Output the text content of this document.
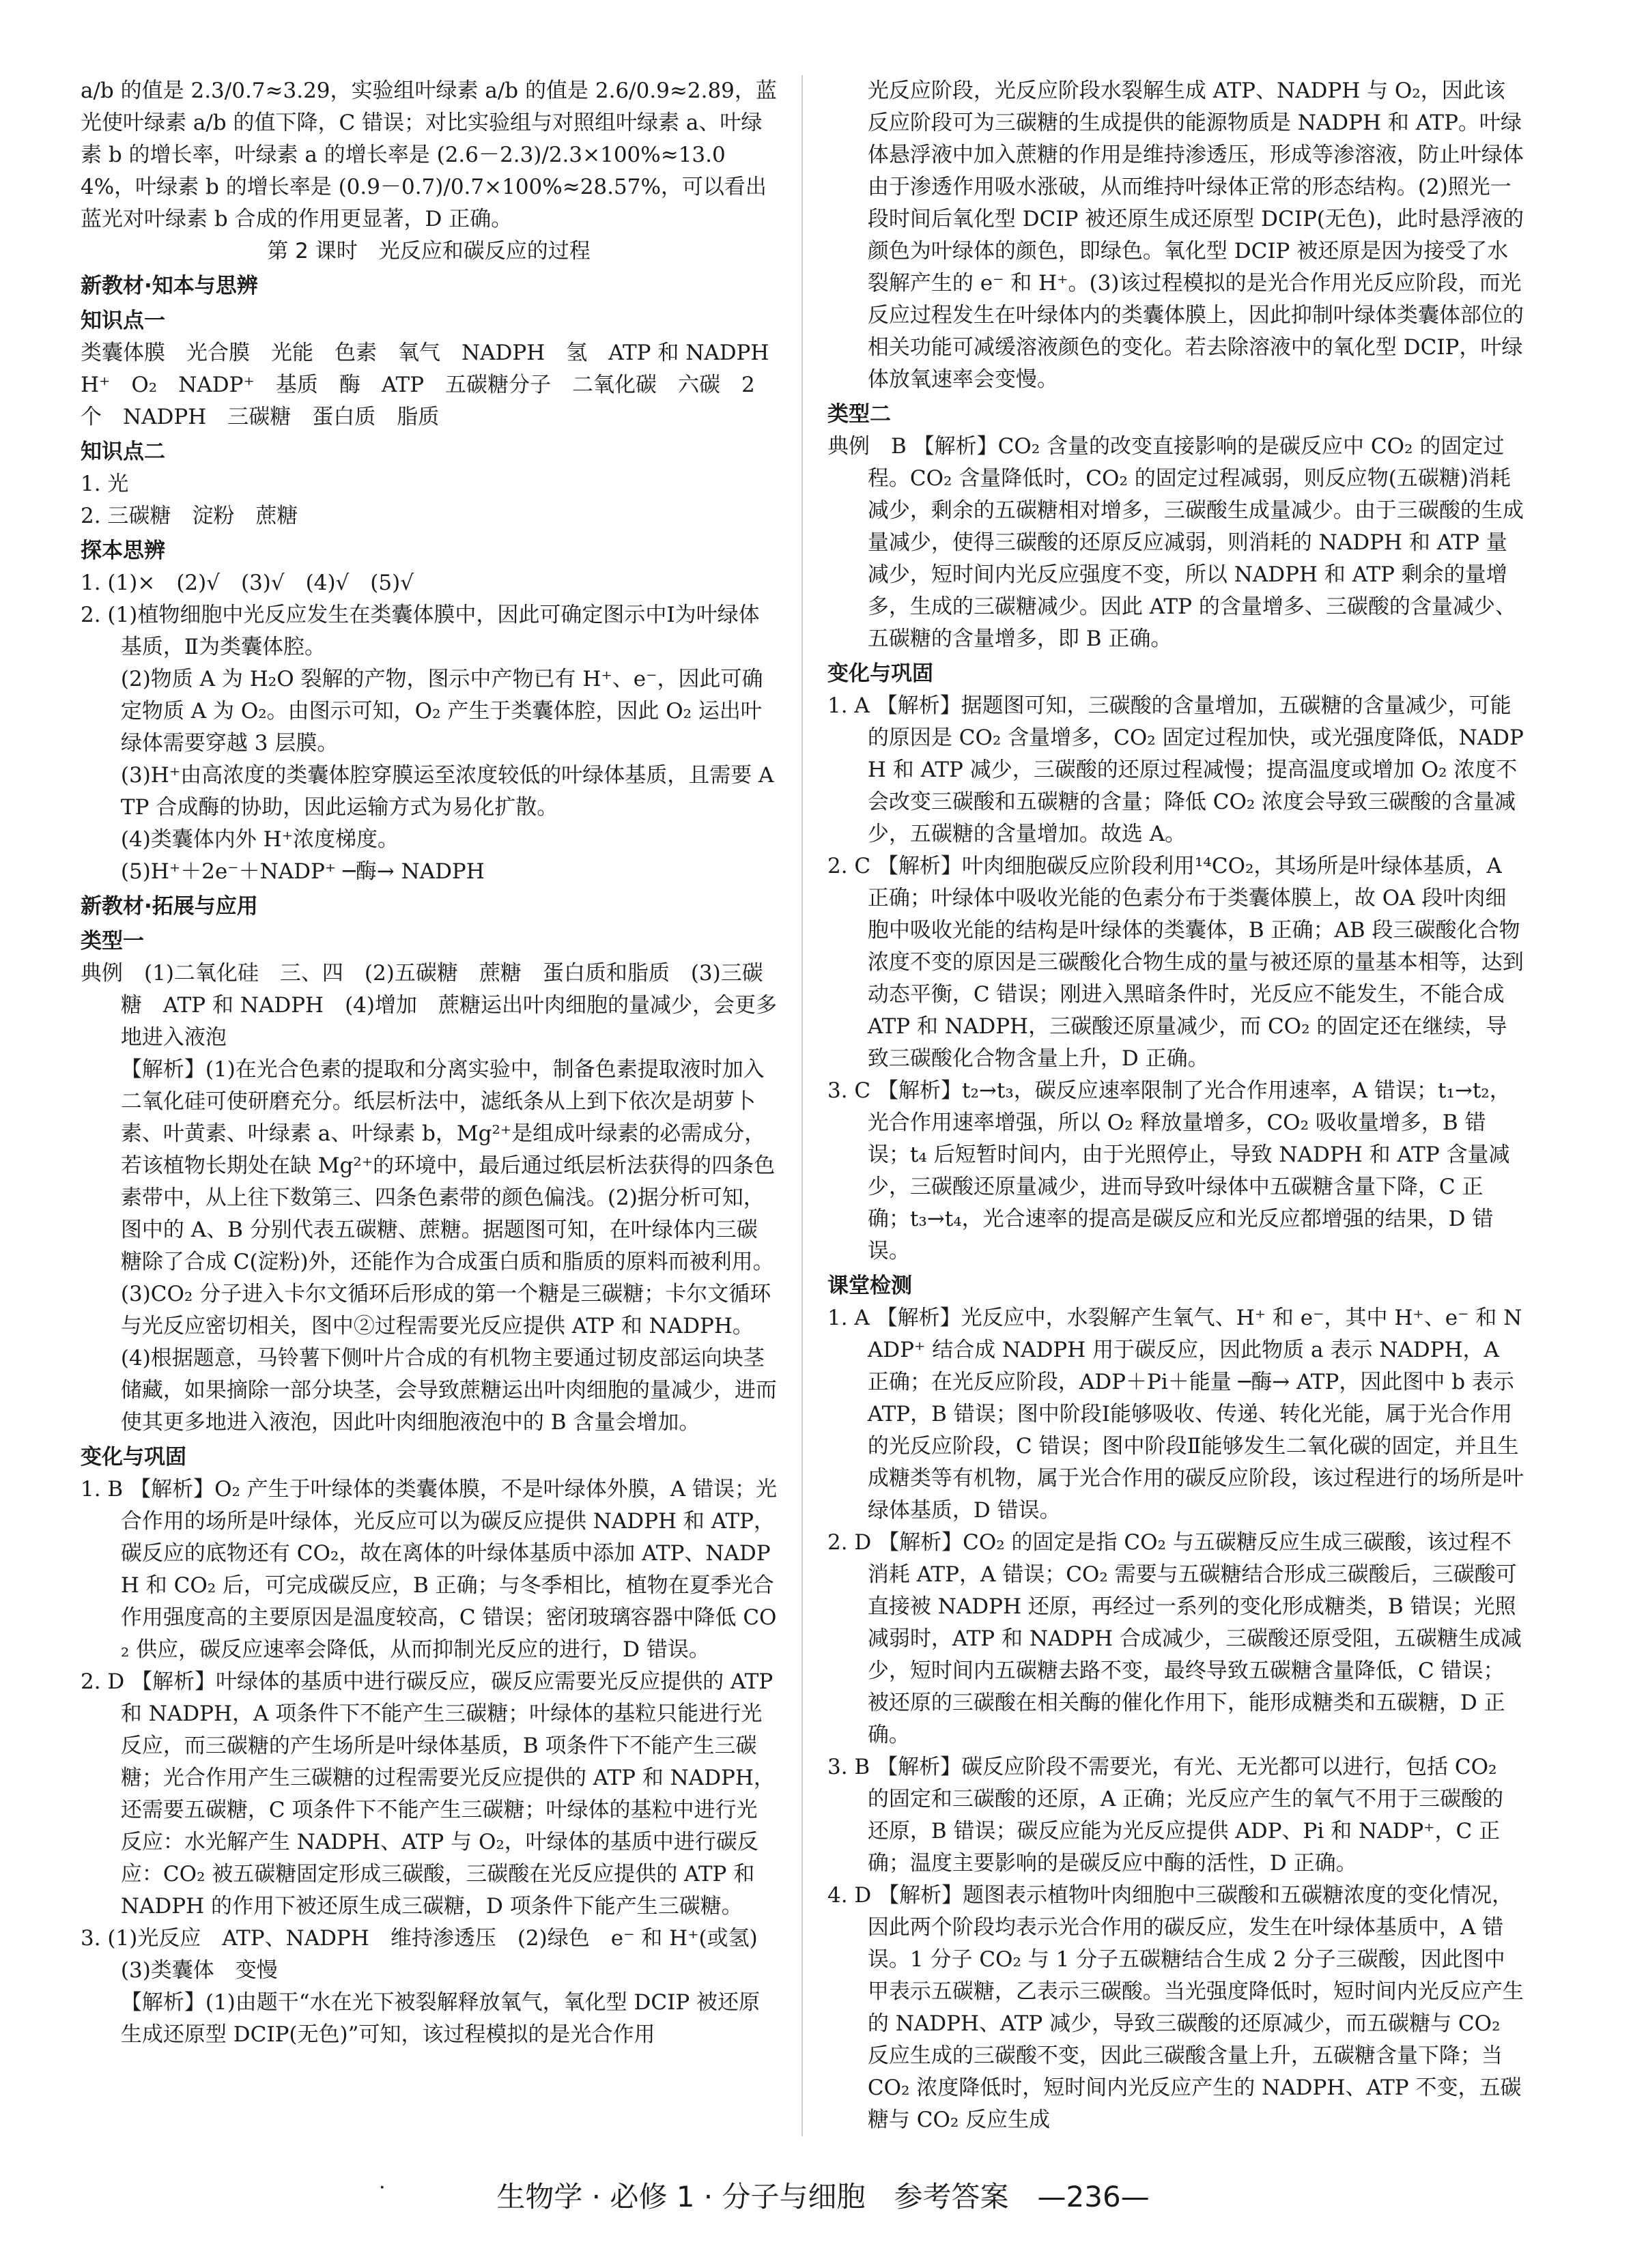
a/b 的值是 2.3/0.7≈3.29，实验组叶绿素 a/b 的值是 2.6/0.9≈2.89，蓝光使叶绿素 a/b 的值下降，C 错误；对比实验组与对照组叶绿素 a、叶绿素 b 的增长率，叶绿素 a 的增长率是 (2.6－2.3)/2.3×100%≈13.04%，叶绿素 b 的增长率是 (0.9－0.7)/0.7×100%≈28.57%，可以看出蓝光对叶绿素 b 合成的作用更显著，D 正确。
第 2 课时　光反应和碳反应的过程
新教材·知本与思辨
知识点一
类囊体膜　光合膜　光能　色素　氧气　NADPH　氢　ATP 和 NADPH　H⁺　O₂　NADP⁺　基质　酶　ATP　五碳糖分子　二氧化碳　六碳　2 个　NADPH　三碳糖　蛋白质　脂质
知识点二
1. 光
2. 三碳糖　淀粉　蔗糖
探本思辨
1. (1)×　(2)√　(3)√　(4)√　(5)√
2. (1)植物细胞中光反应发生在类囊体膜中，因此可确定图示中Ⅰ为叶绿体基质，Ⅱ为类囊体腔。
(2)物质 A 为 H₂O 裂解的产物，图示中产物已有 H⁺、e⁻，因此可确定物质 A 为 O₂。由图示可知，O₂ 产生于类囊体腔，因此 O₂ 运出叶绿体需要穿越 3 层膜。
(3)H⁺由高浓度的类囊体腔穿膜运至浓度较低的叶绿体基质，且需要 ATP 合成酶的协助，因此运输方式为易化扩散。
(4)类囊体内外 H⁺浓度梯度。
(5)H⁺＋2e⁻＋NADP⁺ ─酶→ NADPH
新教材·拓展与应用
类型一
典例　(1)二氧化硅　三、四　(2)五碳糖　蔗糖　蛋白质和脂质　(3)三碳糖　ATP 和 NADPH　(4)增加　蔗糖运出叶肉细胞的量减少，会更多地进入液泡
【解析】(1)在光合色素的提取和分离实验中，制备色素提取液时加入二氧化硅可使研磨充分。纸层析法中，滤纸条从上到下依次是胡萝卜素、叶黄素、叶绿素 a、叶绿素 b，Mg²⁺是组成叶绿素的必需成分，若该植物长期处在缺 Mg²⁺的环境中，最后通过纸层析法获得的四条色素带中，从上往下数第三、四条色素带的颜色偏浅。(2)据分析可知，图中的 A、B 分别代表五碳糖、蔗糖。据题图可知，在叶绿体内三碳糖除了合成 C(淀粉)外，还能作为合成蛋白质和脂质的原料而被利用。(3)CO₂ 分子进入卡尔文循环后形成的第一个糖是三碳糖；卡尔文循环与光反应密切相关，图中②过程需要光反应提供 ATP 和 NADPH。(4)根据题意，马铃薯下侧叶片合成的有机物主要通过韧皮部运向块茎储藏，如果摘除一部分块茎，会导致蔗糖运出叶肉细胞的量减少，进而使其更多地进入液泡，因此叶肉细胞液泡中的 B 含量会增加。
变化与巩固
1. B 【解析】O₂ 产生于叶绿体的类囊体膜，不是叶绿体外膜，A 错误；光合作用的场所是叶绿体，光反应可以为碳反应提供 NADPH 和 ATP，碳反应的底物还有 CO₂，故在离体的叶绿体基质中添加 ATP、NADPH 和 CO₂ 后，可完成碳反应，B 正确；与冬季相比，植物在夏季光合作用强度高的主要原因是温度较高，C 错误；密闭玻璃容器中降低 CO₂ 供应，碳反应速率会降低，从而抑制光反应的进行，D 错误。
2. D 【解析】叶绿体的基质中进行碳反应，碳反应需要光反应提供的 ATP 和 NADPH，A 项条件下不能产生三碳糖；叶绿体的基粒只能进行光反应，而三碳糖的产生场所是叶绿体基质，B 项条件下不能产生三碳糖；光合作用产生三碳糖的过程需要光反应提供的 ATP 和 NADPH，还需要五碳糖，C 项条件下不能产生三碳糖；叶绿体的基粒中进行光反应：水光解产生 NADPH、ATP 与 O₂，叶绿体的基质中进行碳反应：CO₂ 被五碳糖固定形成三碳酸，三碳酸在光反应提供的 ATP 和 NADPH 的作用下被还原生成三碳糖，D 项条件下能产生三碳糖。
3. (1)光反应　ATP、NADPH　维持渗透压　(2)绿色　e⁻ 和 H⁺(或氢)　(3)类囊体　变慢
【解析】(1)由题干“水在光下被裂解释放氧气，氧化型 DCIP 被还原生成还原型 DCIP(无色)”可知，该过程模拟的是光合作用
光反应阶段，光反应阶段水裂解生成 ATP、NADPH 与 O₂，因此该反应阶段可为三碳糖的生成提供的能源物质是 NADPH 和 ATP。叶绿体悬浮液中加入蔗糖的作用是维持渗透压，形成等渗溶液，防止叶绿体由于渗透作用吸水涨破，从而维持叶绿体正常的形态结构。(2)照光一段时间后氧化型 DCIP 被还原生成还原型 DCIP(无色)，此时悬浮液的颜色为叶绿体的颜色，即绿色。氧化型 DCIP 被还原是因为接受了水裂解产生的 e⁻ 和 H⁺。(3)该过程模拟的是光合作用光反应阶段，而光反应过程发生在叶绿体内的类囊体膜上，因此抑制叶绿体类囊体部位的相关功能可减缓溶液颜色的变化。若去除溶液中的氧化型 DCIP，叶绿体放氧速率会变慢。
类型二
典例　B 【解析】CO₂ 含量的改变直接影响的是碳反应中 CO₂ 的固定过程。CO₂ 含量降低时，CO₂ 的固定过程减弱，则反应物(五碳糖)消耗减少，剩余的五碳糖相对增多，三碳酸生成量减少。由于三碳酸的生成量减少，使得三碳酸的还原反应减弱，则消耗的 NADPH 和 ATP 量减少，短时间内光反应强度不变，所以 NADPH 和 ATP 剩余的量增多，生成的三碳糖减少。因此 ATP 的含量增多、三碳酸的含量减少、五碳糖的含量增多，即 B 正确。
变化与巩固
1. A 【解析】据题图可知，三碳酸的含量增加，五碳糖的含量减少，可能的原因是 CO₂ 含量增多，CO₂ 固定过程加快，或光强度降低，NADPH 和 ATP 减少，三碳酸的还原过程减慢；提高温度或增加 O₂ 浓度不会改变三碳酸和五碳糖的含量；降低 CO₂ 浓度会导致三碳酸的含量减少，五碳糖的含量增加。故选 A。
2. C 【解析】叶肉细胞碳反应阶段利用¹⁴CO₂，其场所是叶绿体基质，A 正确；叶绿体中吸收光能的色素分布于类囊体膜上，故 OA 段叶肉细胞中吸收光能的结构是叶绿体的类囊体，B 正确；AB 段三碳酸化合物浓度不变的原因是三碳酸化合物生成的量与被还原的量基本相等，达到动态平衡，C 错误；刚进入黑暗条件时，光反应不能发生，不能合成 ATP 和 NADPH，三碳酸还原量减少，而 CO₂ 的固定还在继续，导致三碳酸化合物含量上升，D 正确。
3. C 【解析】t₂→t₃，碳反应速率限制了光合作用速率，A 错误；t₁→t₂，光合作用速率增强，所以 O₂ 释放量增多，CO₂ 吸收量增多，B 错误；t₄ 后短暂时间内，由于光照停止，导致 NADPH 和 ATP 含量减少，三碳酸还原量减少，进而导致叶绿体中五碳糖含量下降，C 正确；t₃→t₄，光合速率的提高是碳反应和光反应都增强的结果，D 错误。
课堂检测
1. A 【解析】光反应中，水裂解产生氧气、H⁺ 和 e⁻，其中 H⁺、e⁻ 和 NADP⁺ 结合成 NADPH 用于碳反应，因此物质 a 表示 NADPH，A 正确；在光反应阶段，ADP＋Pi＋能量 ─酶→ ATP，因此图中 b 表示 ATP，B 错误；图中阶段Ⅰ能够吸收、传递、转化光能，属于光合作用的光反应阶段，C 错误；图中阶段Ⅱ能够发生二氧化碳的固定，并且生成糖类等有机物，属于光合作用的碳反应阶段，该过程进行的场所是叶绿体基质，D 错误。
2. D 【解析】CO₂ 的固定是指 CO₂ 与五碳糖反应生成三碳酸，该过程不消耗 ATP，A 错误；CO₂ 需要与五碳糖结合形成三碳酸后，三碳酸可直接被 NADPH 还原，再经过一系列的变化形成糖类，B 错误；光照减弱时，ATP 和 NADPH 合成减少，三碳酸还原受阻，五碳糖生成减少，短时间内五碳糖去路不变，最终导致五碳糖含量降低，C 错误；被还原的三碳酸在相关酶的催化作用下，能形成糖类和五碳糖，D 正确。
3. B 【解析】碳反应阶段不需要光，有光、无光都可以进行，包括 CO₂ 的固定和三碳酸的还原，A 正确；光反应产生的氧气不用于三碳酸的还原，B 错误；碳反应能为光反应提供 ADP、Pi 和 NADP⁺，C 正确；温度主要影响的是碳反应中酶的活性，D 正确。
4. D 【解析】题图表示植物叶肉细胞中三碳酸和五碳糖浓度的变化情况，因此两个阶段均表示光合作用的碳反应，发生在叶绿体基质中，A 错误。1 分子 CO₂ 与 1 分子五碳糖结合生成 2 分子三碳酸，因此图中甲表示五碳糖，乙表示三碳酸。当光强度降低时，短时间内光反应产生的 NADPH、ATP 减少，导致三碳酸的还原减少，而五碳糖与 CO₂ 反应生成的三碳酸不变，因此三碳酸含量上升，五碳糖含量下降；当 CO₂ 浓度降低时，短时间内光反应产生的 NADPH、ATP 不变，五碳糖与 CO₂ 反应生成
·	生物学 · 必修 1 · 分子与细胞　参考答案　—236—
